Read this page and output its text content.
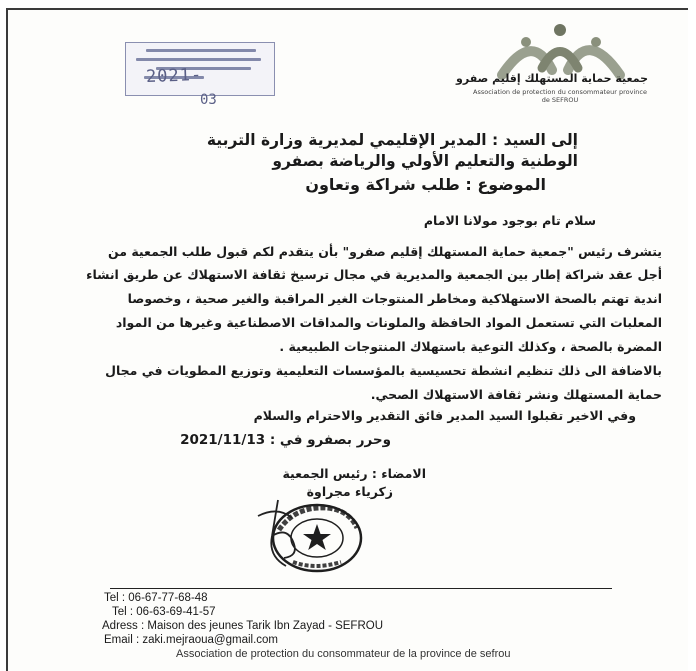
2021-
03
جمعية حماية المستهلك إقليم صفرو
Association de protection du consommateur province de SEFROU
إلى السيد : المدير الإقليمي لمديرية وزارة التربية
الوطنية والتعليم الأولي والرياضة بصفرو
الموضوع : طلب شراكة وتعاون
سلام تام بوجود مولانا الامام
يتشرف رئيس "جمعية حماية المستهلك إقليم صفرو" بأن يتقدم لكم قبول طلب الجمعية من
أجل عقد شراكة إطار بين الجمعية والمديرية في مجال ترسيخ ثقافة الاستهلاك عن طريق انشاء
اندية تهتم بالصحة الاستهلاكية ومخاطر المنتوجات الغير المراقبة والغير صحية ، وخصوصا
المعلبات التي تستعمل المواد الحافظة والملونات والمداقات الاصطناعية وغيرها من المواد
المضرة بالصحة ، وكذلك التوعية باستهلاك المنتوجات الطبيعية .
بالاضافة الى ذلك تنظيم انشطة تحسيسية بالمؤسسات التعليمية وتوزيع المطويات في مجال
حماية المستهلك ونشر ثقافة الاستهلاك الصحي.
وفي الاخير تقبلوا السيد المدير فائق التقدير والاحترام والسلام
وحرر بصفرو في : 2021/11/13
الامضاء : رئيس الجمعية
زكرياء مجراوة
Tel : 06-67-77-68-48
Tel : 06-63-69-41-57
Adress : Maison des jeunes Tarik Ibn Zayad - SEFROU
Email : zaki.mejraoua@gmail.com
Association de protection du consommateur de la province de sefrou
